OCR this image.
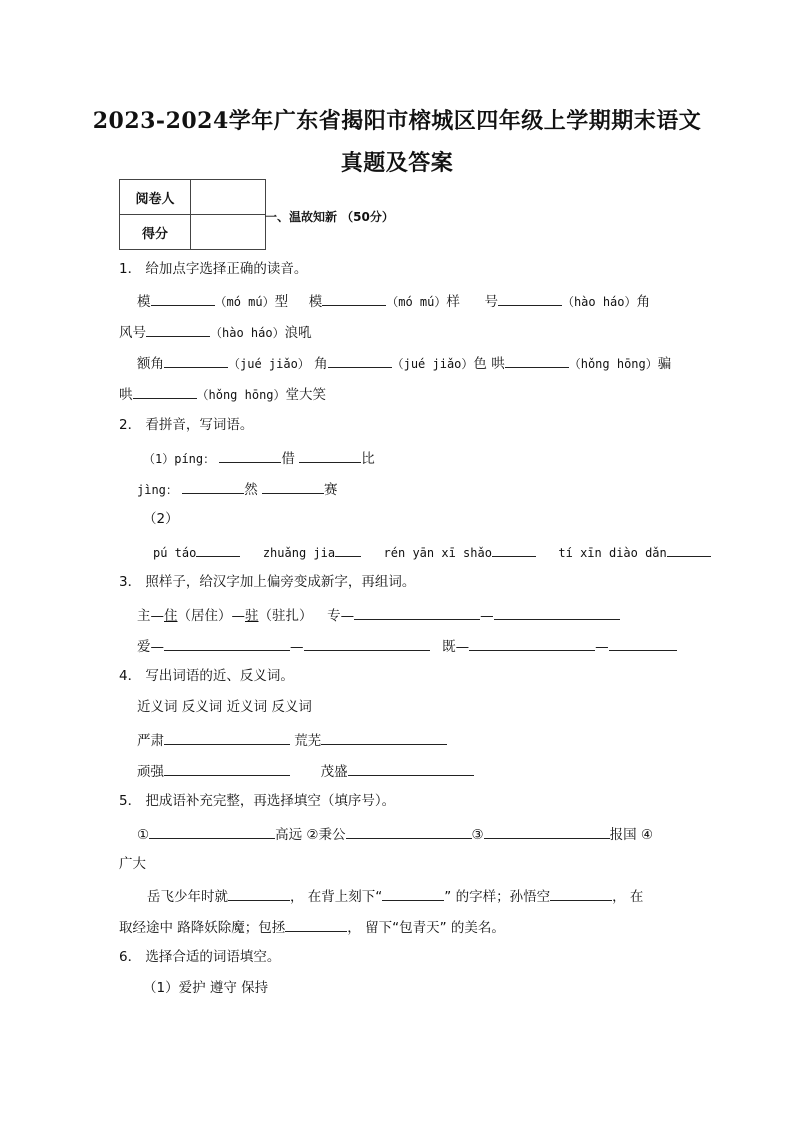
2023-2024学年广东省揭阳市榕城区四年级上学期期末语文
真题及答案
阅卷人	
得分	
一、温故知新 （50分）
1． 给加点字选择正确的读音。
模	（mó mú）型 模	（mó mú）样 号	（hào háo）角
风号	（hào háo）浪吼
额角	（jué jiǎo） 角	（jué jiǎo）色 哄	（hǒng hōng）骗
哄	（hǒng hōng）堂大笑
2． 看拼音，写词语。
（1）píng：	借	比
jìng：	然	赛
（2）
pú táo	zhuǎng jia	rén yān xī shǎo	tí xīn diào dǎn
3． 照样子，给汉字加上偏旁变成新字，再组词。
主—住（居住）—驻（驻扎） 专—	—
爱—	—	既—	—
4． 写出词语的近、反义词。
近义词 反义词 近义词 反义词
严肃	荒芜
顽强	茂盛
5． 把成语补充完整，再选择填空（填序号）。
①	高远 ②秉公	③	报国 ④
广大
岳飞少年时就	， 在背上刻下“	” 的字样；孙悟空	， 在
取经途中 路降妖除魔；包拯	， 留下“包青天” 的美名。
6． 选择合适的词语填空。
（1）爱护 遵守 保持
